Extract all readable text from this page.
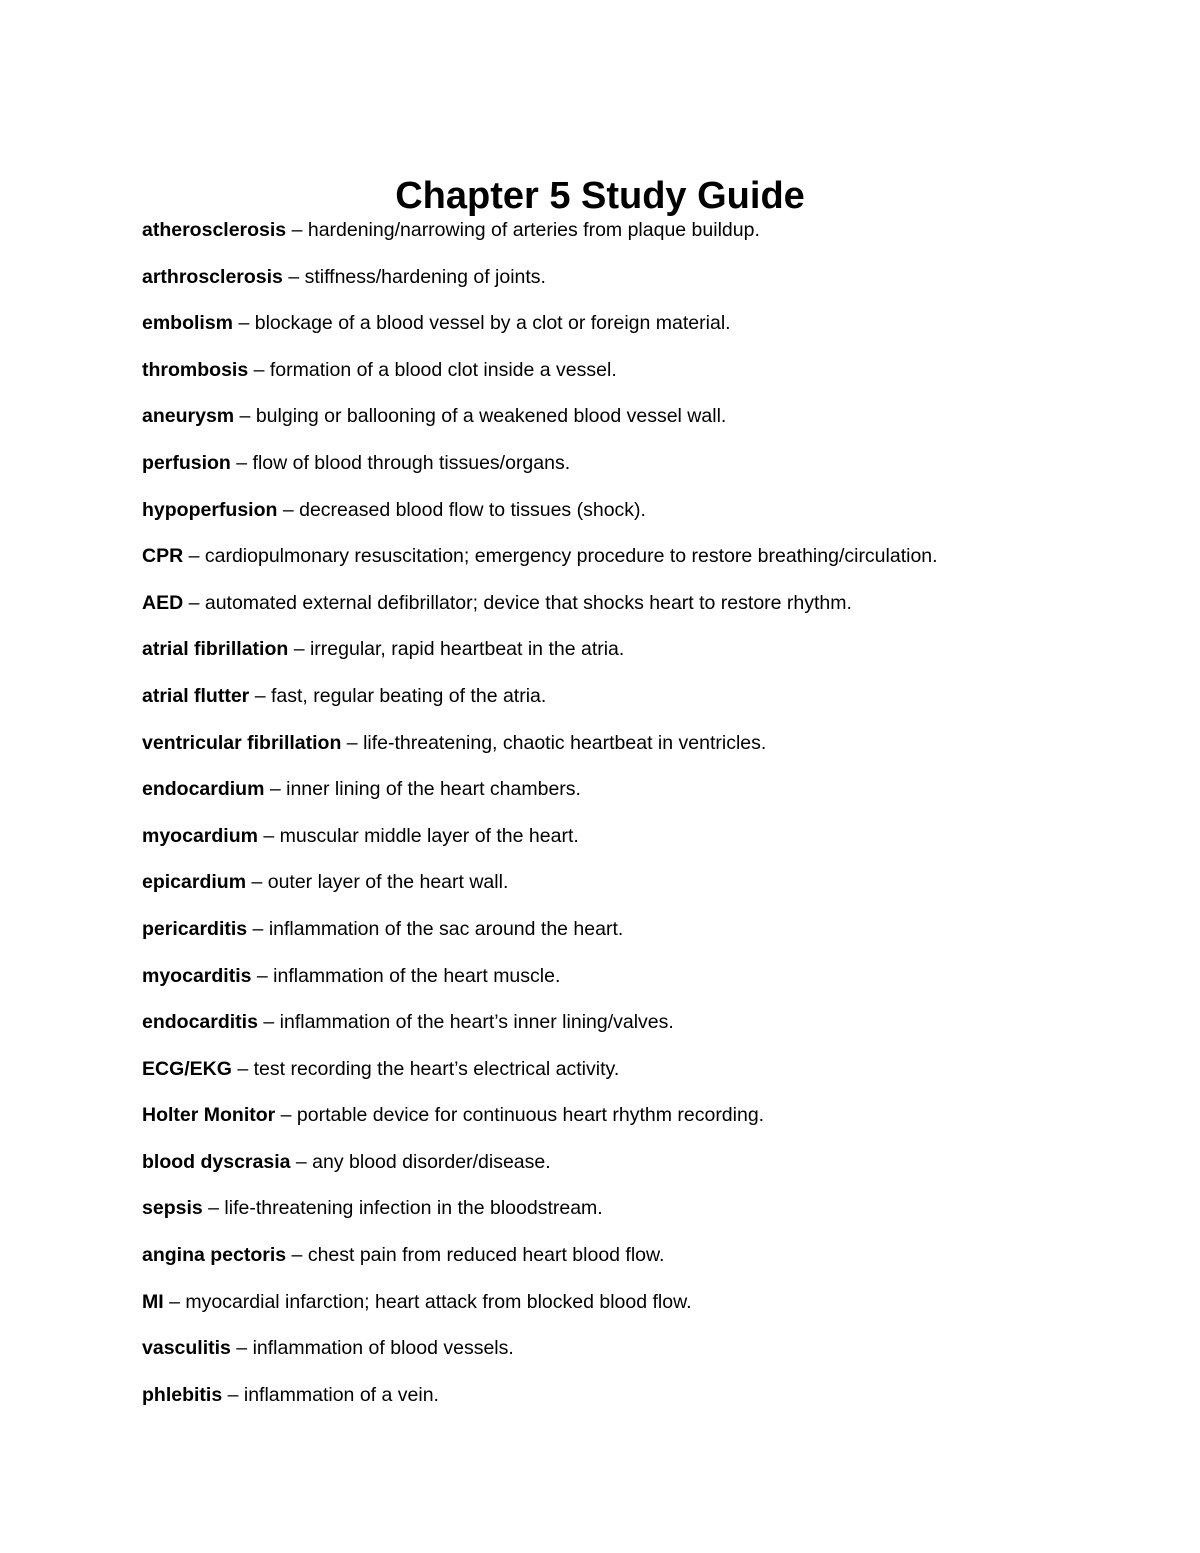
Chapter 5 Study Guide
atherosclerosis – hardening/narrowing of arteries from plaque buildup.
arthrosclerosis – stiffness/hardening of joints.
embolism – blockage of a blood vessel by a clot or foreign material.
thrombosis – formation of a blood clot inside a vessel.
aneurysm – bulging or ballooning of a weakened blood vessel wall.
perfusion – flow of blood through tissues/organs.
hypoperfusion – decreased blood flow to tissues (shock).
CPR – cardiopulmonary resuscitation; emergency procedure to restore breathing/circulation.
AED – automated external defibrillator; device that shocks heart to restore rhythm.
atrial fibrillation – irregular, rapid heartbeat in the atria.
atrial flutter – fast, regular beating of the atria.
ventricular fibrillation – life-threatening, chaotic heartbeat in ventricles.
endocardium – inner lining of the heart chambers.
myocardium – muscular middle layer of the heart.
epicardium – outer layer of the heart wall.
pericarditis – inflammation of the sac around the heart.
myocarditis – inflammation of the heart muscle.
endocarditis – inflammation of the heart’s inner lining/valves.
ECG/EKG – test recording the heart’s electrical activity.
Holter Monitor – portable device for continuous heart rhythm recording.
blood dyscrasia – any blood disorder/disease.
sepsis – life-threatening infection in the bloodstream.
angina pectoris – chest pain from reduced heart blood flow.
MI – myocardial infarction; heart attack from blocked blood flow.
vasculitis – inflammation of blood vessels.
phlebitis – inflammation of a vein.
